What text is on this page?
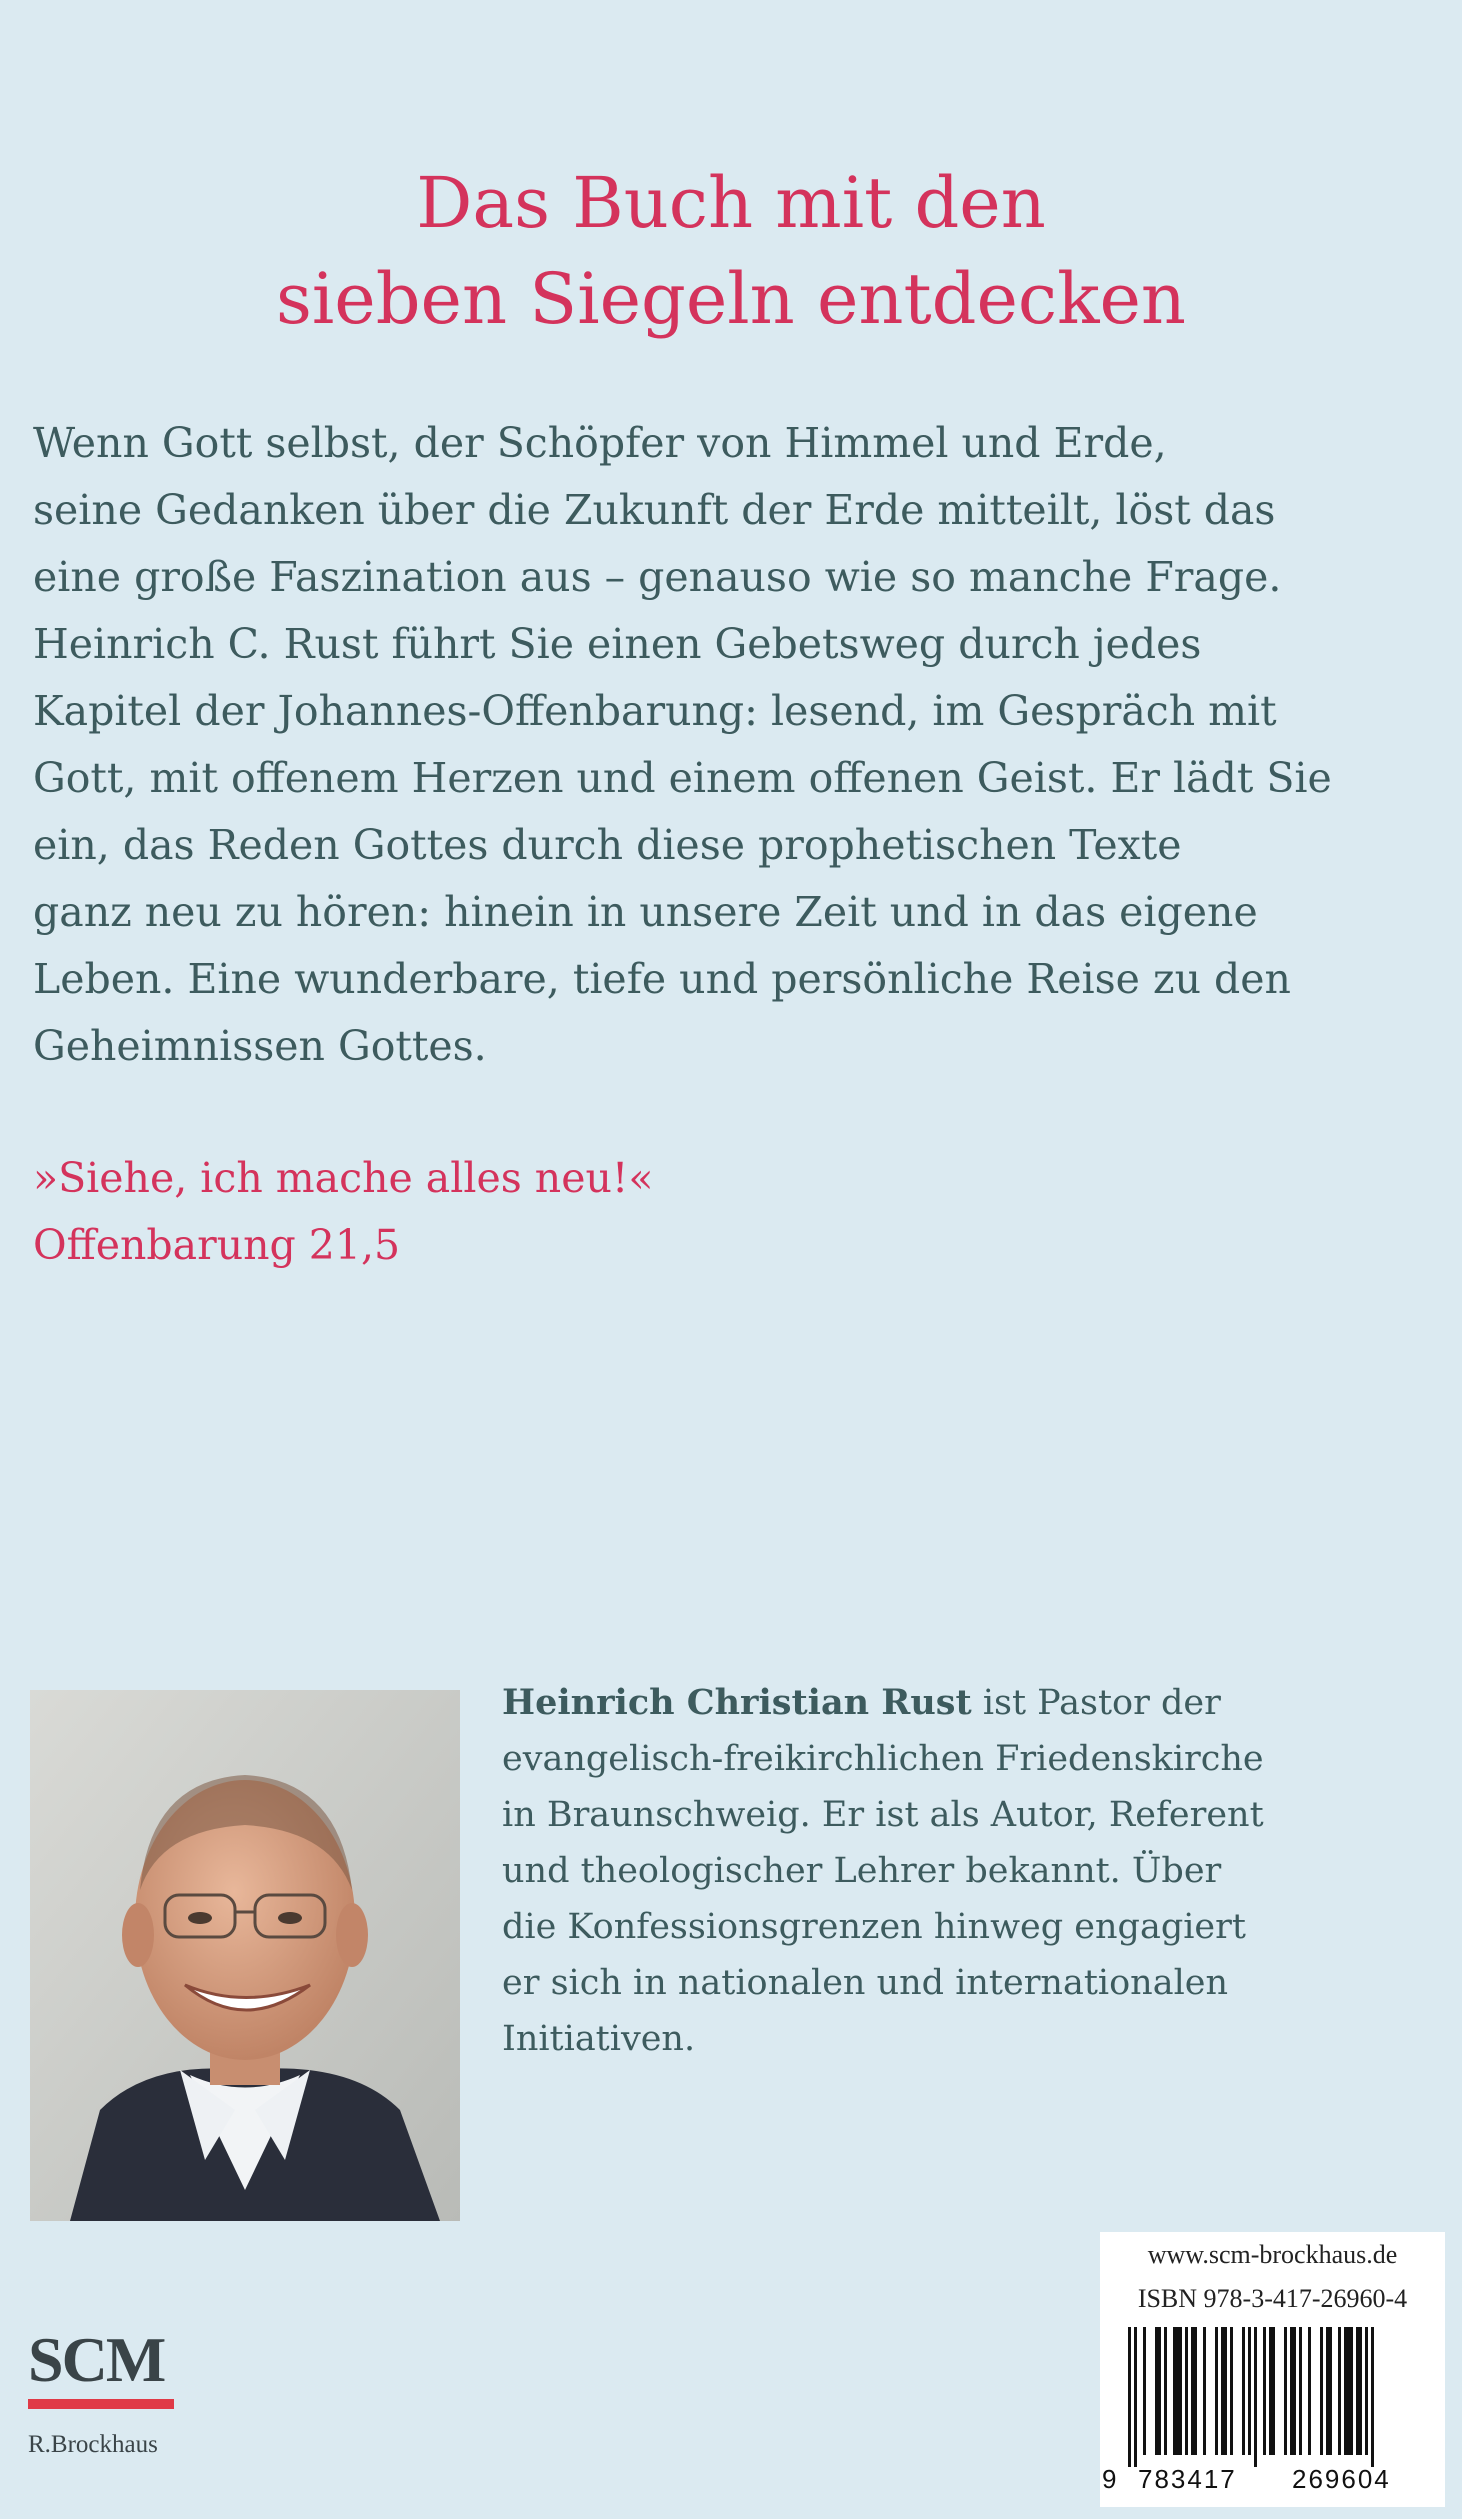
Das Buch mit den
sieben Siegeln entdecken
Wenn Gott selbst, der Schöpfer von Himmel und Erde,
seine Gedanken über die Zukunft der Erde mitteilt, löst das
eine große Faszination aus – genauso wie so manche Frage.
Heinrich C. Rust führt Sie einen Gebetsweg durch jedes
Kapitel der Johannes-Offenbarung: lesend, im Gespräch mit
Gott, mit offenem Herzen und einem offenen Geist. Er lädt Sie
ein, das Reden Gottes durch diese prophetischen Texte
ganz neu zu hören: hinein in unsere Zeit und in das eigene
Leben. Eine wunderbare, tiefe und persönliche Reise zu den
Geheimnissen Gottes.
»Siehe, ich mache alles neu!«
Offenbarung 21,5
Heinrich Christian Rust ist Pastor der
evangelisch-freikirchlichen Friedenskirche
in Braunschweig. Er ist als Autor, Referent
und theologischer Lehrer bekannt. Über
die Konfessionsgrenzen hinweg engagiert
er sich in nationalen und internationalen
Initiativen.
SCM
R.Brockhaus
www.scm-brockhaus.de
ISBN 978-3-417-26960-4
9 783417 269604
